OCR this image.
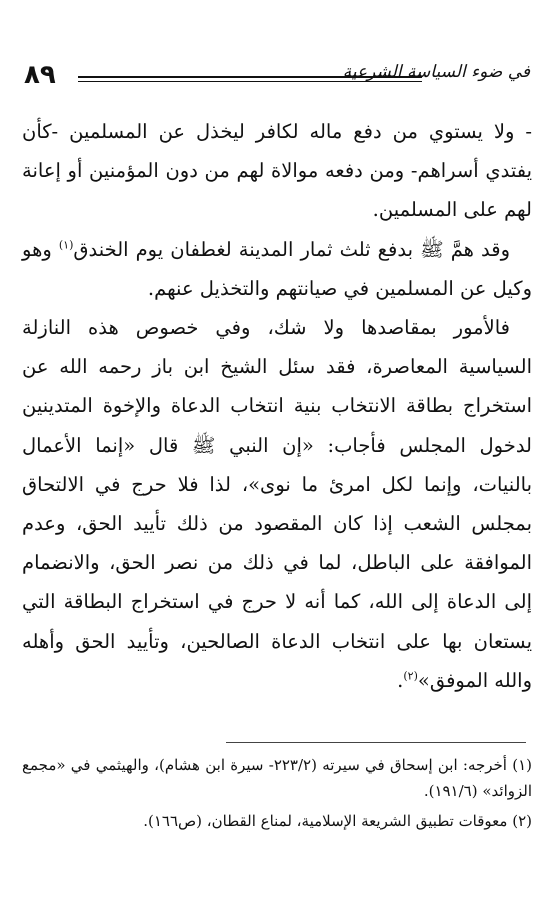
٨٩	في ضوء السياسة الشرعية

- ولا يستوي من دفع ماله لكافر ليخذل عن المسلمين -كأن يفتدي أسراهم- ومن دفعه موالاة لهم من دون المؤمنين أو إعانة لهم على المسلمين.

وقد همَّ ﷺ بدفع ثلث ثمار المدينة لغطفان يوم الخندق$^{(١)}$ وهو وكيل عن المسلمين في صيانتهم والتخذيل عنهم.

فالأمور بمقاصدها ولا شك، وفي خصوص هذه النازلة السياسية المعاصرة، فقد سئل الشيخ ابن باز رحمه الله عن استخراج بطاقة الانتخاب بنية انتخاب الدعاة والإخوة المتدينين لدخول المجلس فأجاب: «إن النبي ﷺ قال «إنما الأعمال بالنيات، وإنما لكل امرئ ما نوى»، لذا فلا حرج في الالتحاق بمجلس الشعب إذا كان المقصود من ذلك تأييد الحق، وعدم الموافقة على الباطل، لما في ذلك من نصر الحق، والانضمام إلى الدعاة إلى الله، كما أنه لا حرج في استخراج البطاقة التي يستعان بها على انتخاب الدعاة الصالحين، وتأييد الحق وأهله والله الموفق»$^{(٢)}$.

(١) أخرجه: ابن إسحاق في سيرته (٢٢٣/٢- سيرة ابن هشام)، والهيثمي في «مجمع الزوائد» (١٩١/٦).

(٢) معوقات تطبيق الشريعة الإسلامية، لمناع القطان، (ص١٦٦).
